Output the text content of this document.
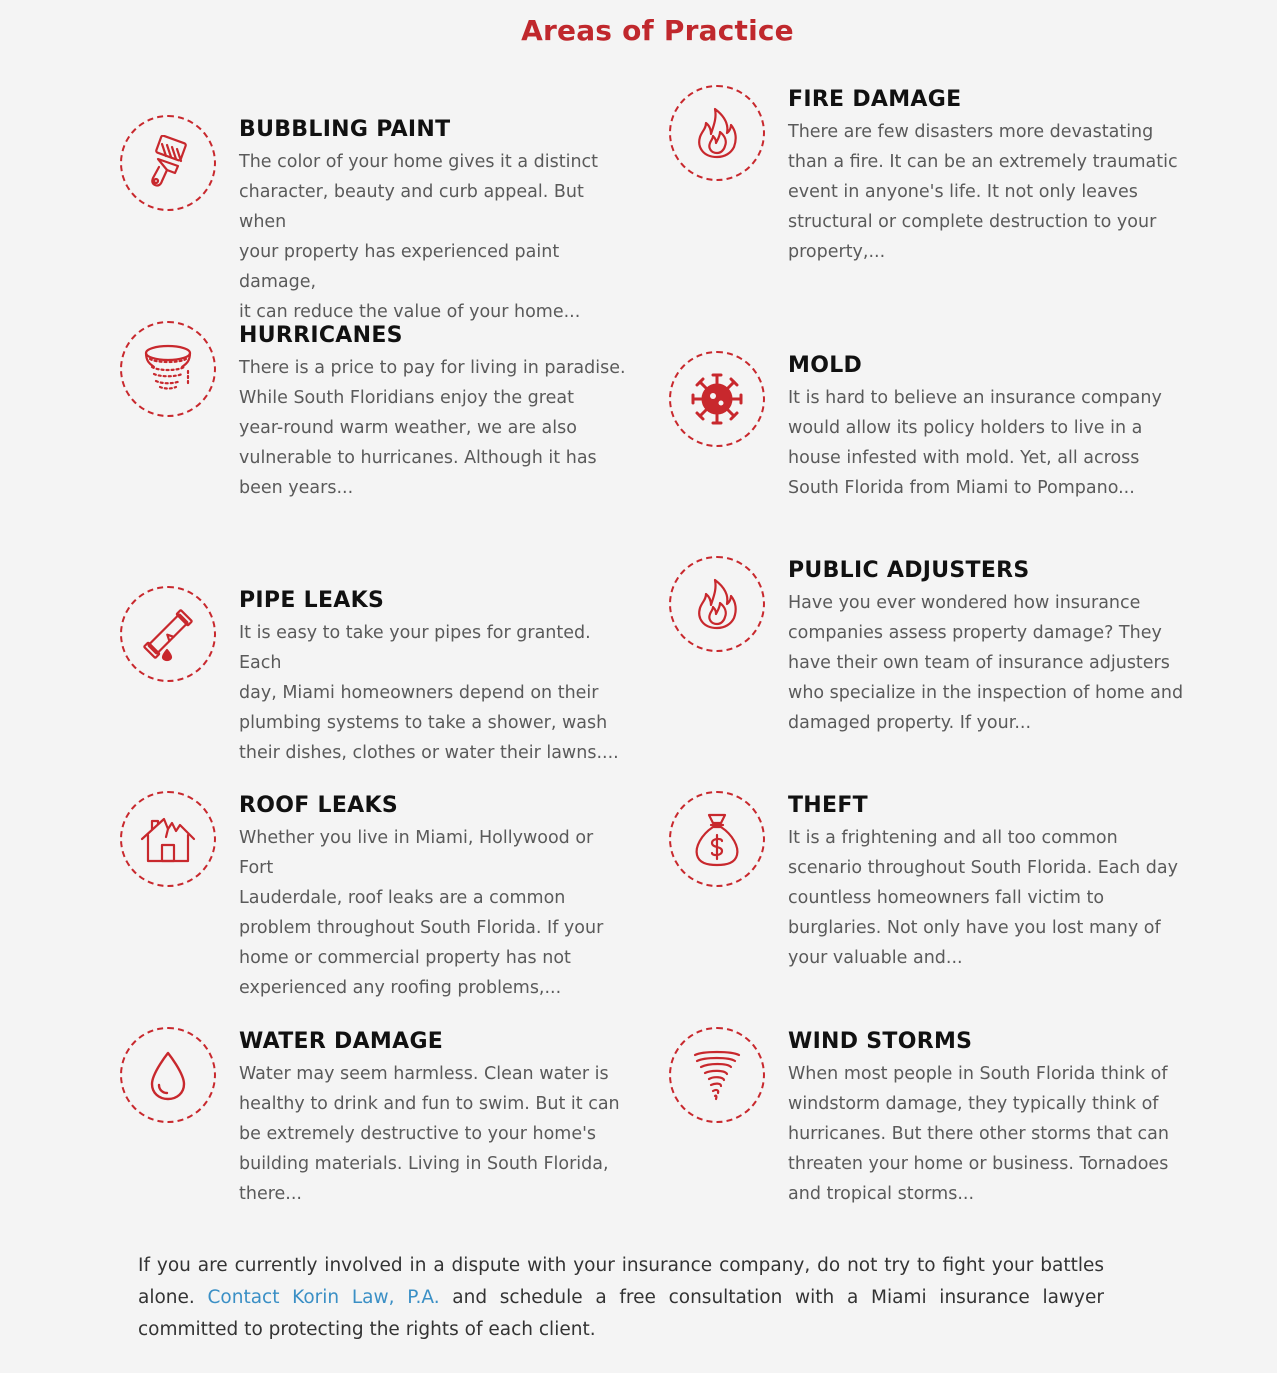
Areas of Practice
BUBBLING PAINT
The color of your home gives it a distinct
character, beauty and curb appeal. But when
your property has experienced paint damage,
it can reduce the value of your home...
FIRE DAMAGE
There are few disasters more devastating
than a fire. It can be an extremely traumatic
event in anyone's life. It not only leaves
structural or complete destruction to your
property,...
HURRICANES
There is a price to pay for living in paradise.
While South Floridians enjoy the great
year-round warm weather, we are also
vulnerable to hurricanes. Although it has
been years...
MOLD
It is hard to believe an insurance company
would allow its policy holders to live in a
house infested with mold. Yet, all across
South Florida from Miami to Pompano...
PIPE LEAKS
It is easy to take your pipes for granted. Each
day, Miami homeowners depend on their
plumbing systems to take a shower, wash
their dishes, clothes or water their lawns....
PUBLIC ADJUSTERS
Have you ever wondered how insurance
companies assess property damage? They
have their own team of insurance adjusters
who specialize in the inspection of home and
damaged property. If your...
ROOF LEAKS
Whether you live in Miami, Hollywood or Fort
Lauderdale, roof leaks are a common
problem throughout South Florida. If your
home or commercial property has not
experienced any roofing problems,...
THEFT
It is a frightening and all too common
scenario throughout South Florida. Each day
countless homeowners fall victim to
burglaries. Not only have you lost many of
your valuable and...
WATER DAMAGE
Water may seem harmless. Clean water is
healthy to drink and fun to swim. But it can
be extremely destructive to your home's
building materials. Living in South Florida,
there...
WIND STORMS
When most people in South Florida think of
windstorm damage, they typically think of
hurricanes. But there other storms that can
threaten your home or business. Tornadoes
and tropical storms...
If you are currently involved in a dispute with your insurance company, do not try to fight your battles alone. Contact Korin Law, P.A. and schedule a free consultation with a Miami insurance lawyer committed to protecting the rights of each client.
